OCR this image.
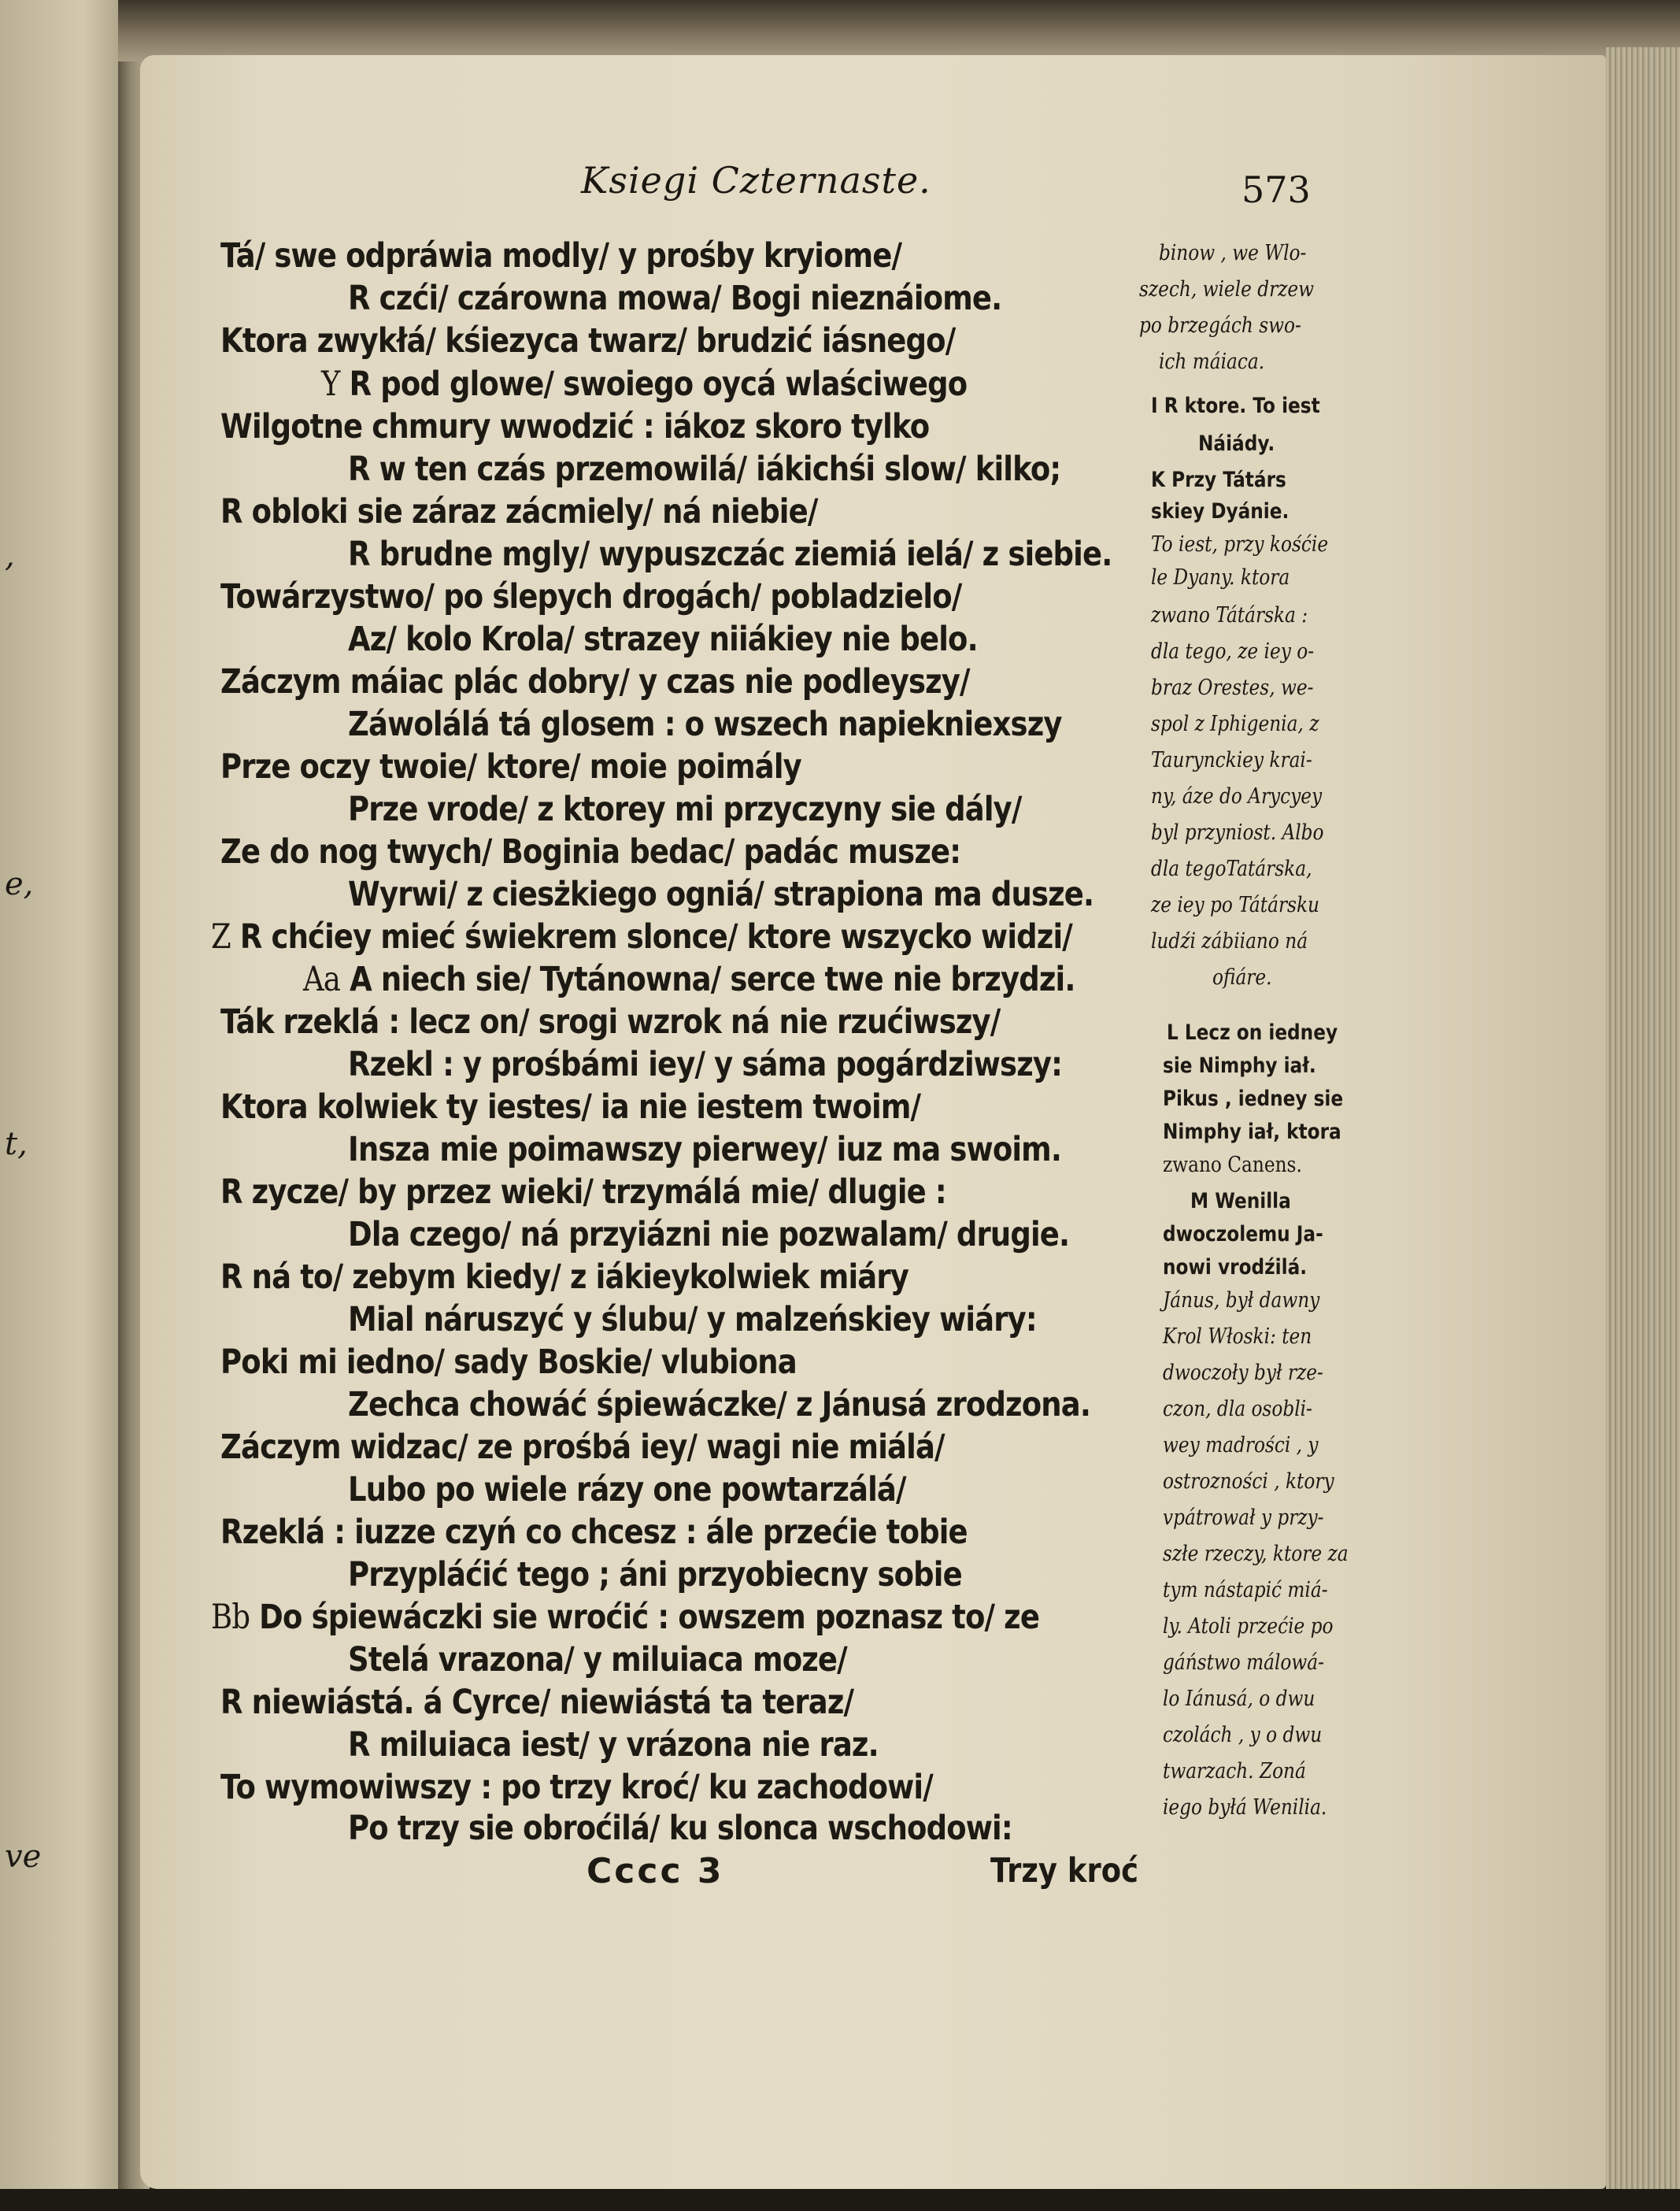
,
e,
t,
ve
Ksiegi Czternaste.	573
Tá/ swe odpráwia modly/ y prośby kryiome/
R czći/ czárowna mowa/ Bogi nieznáiome.
Ktora zwykłá/ kśiezyca twarz/ brudzić iásnego/
Y R pod glowe/ swoiego oycá wlaściwego
Wilgotne chmury wwodzić : iákoz skoro tylko
R w ten czás przemowilá/ iákichśi slow/ kilko;
R obloki sie záraz zácmiely/ ná niebie/
R brudne mgly/ wypuszczác ziemiá ielá/ z siebie.
Towárzystwo/ po ślepych drogách/ pobladzielo/
Az/ kolo Krola/ strazey niiákiey nie belo.
Záczym máiac plác dobry/ y czas nie podleyszy/
Záwolálá tá glosem : o wszech napiekniexszy
Prze oczy twoie/ ktore/ moie poimály
Prze vrode/ z ktorey mi przyczyny sie dály/
Ze do nog twych/ Boginia bedac/ padác musze:
Wyrwi/ z ciesżkiego ogniá/ strapiona ma dusze.
Z R chćiey mieć świekrem slonce/ ktore wszycko widzi/
Aa A niech sie/ Tytánowna/ serce twe nie brzydzi.
Ták rzeklá : lecz on/ srogi wzrok ná nie rzućiwszy/
Rzekl : y prośbámi iey/ y sáma pogárdziwszy:
Ktora kolwiek ty iestes/ ia nie iestem twoim/
Insza mie poimawszy pierwey/ iuz ma swoim.
R zycze/ by przez wieki/ trzymálá mie/ dlugie :
Dla czego/ ná przyiázni nie pozwalam/ drugie.
R ná to/ zebym kiedy/ z iákieykolwiek miáry
Mial náruszyć y ślubu/ y malzeńskiey wiáry:
Poki mi iedno/ sady Boskie/ vlubiona
Zechca chowáć śpiewáczke/ z Jánusá zrodzona.
Záczym widzac/ ze prośbá iey/ wagi nie miálá/
Lubo po wiele rázy one powtarzálá/
Rzeklá : iuzze czyń co chcesz : ále przećie tobie
Przypláćić tego ; áni przyobiecny sobie
Bb Do śpiewáczki sie wroćić : owszem poznasz to/ ze
Stelá vrazona/ y miluiaca moze/
R niewiástá. á Cyrce/ niewiástá ta teraz/
R miluiaca iest/ y vrázona nie raz.
To wymowiwszy : po trzy kroć/ ku zachodowi/
Po trzy sie obroćilá/ ku slonca wschodowi:
Cccc 3	Trzy kroć
binow , we Wlo-
szech, wiele drzew
po brzegách swo-
ich máiaca.
I R ktore. To iest
Náiády.
K Przy Tátárs
skiey Dyánie.
To iest, przy kośćie
le Dyany. ktora
zwano Tátárska :
dla tego, ze iey o-
braz Orestes, we-
spol z Iphigenia, z
Taurynckiey krai-
ny, áze do Arycyey
byl przyniost. Albo
dla tegoTatárska,
ze iey po Tátársku
ludźi zábiiano ná
ofiáre.
L Lecz on iedney
sie Nimphy iał.
Pikus , iedney sie
Nimphy iał, ktora
zwano Canens.
M Wenilla
dwoczolemu Ja-
nowi vrodźilá.
Jánus, był dawny
Krol Włoski: ten
dwoczoły był rze-
czon, dla osobli-
wey madrości , y
ostrozności , ktory
vpátrował y przy-
szłe rzeczy, ktore za
tym nástapić miá-
ly. Atoli przećie po
gáństwo málowá-
lo Iánusá, o dwu
czolách , y o dwu
twarzach. Zoná
iego byłá Wenilia.
